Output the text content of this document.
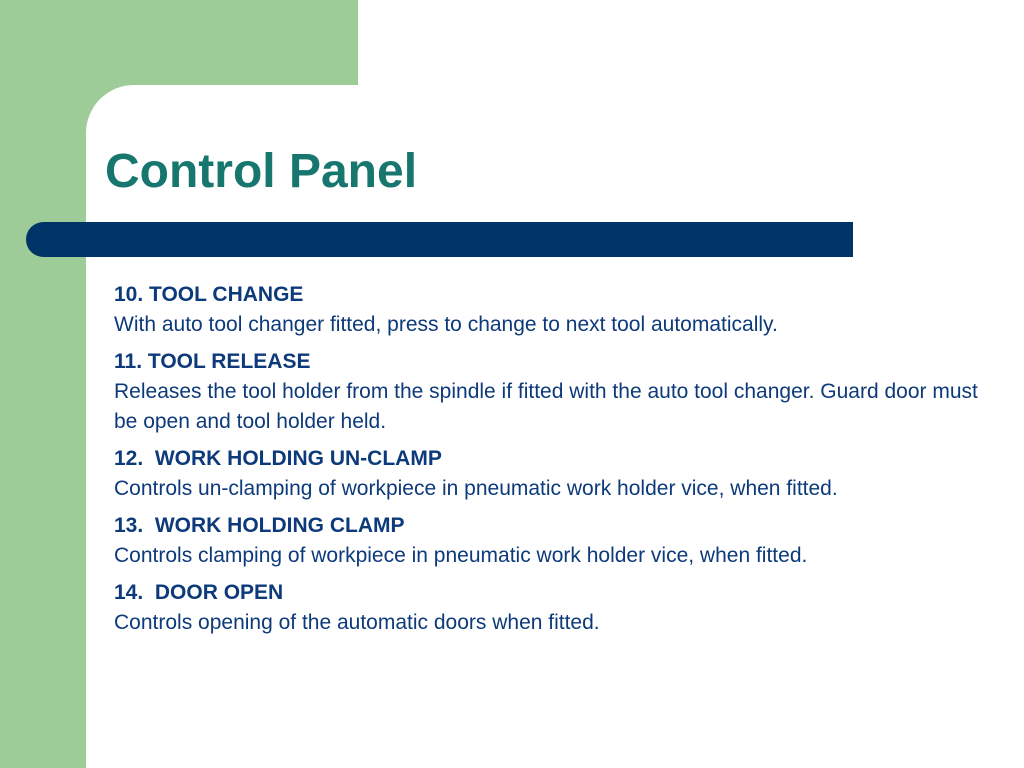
Control Panel
10. TOOL CHANGE
With auto tool changer fitted, press to change to next tool automatically.
11. TOOL RELEASE
Releases the tool holder from the spindle if fitted with the auto tool changer. Guard door must be open and tool holder held.
12.  WORK HOLDING UN-CLAMP
Controls un-clamping of workpiece in pneumatic work holder vice, when fitted.
13.  WORK HOLDING CLAMP
Controls clamping of workpiece in pneumatic work holder vice, when fitted.
14.  DOOR OPEN
Controls opening of the automatic doors when fitted.
